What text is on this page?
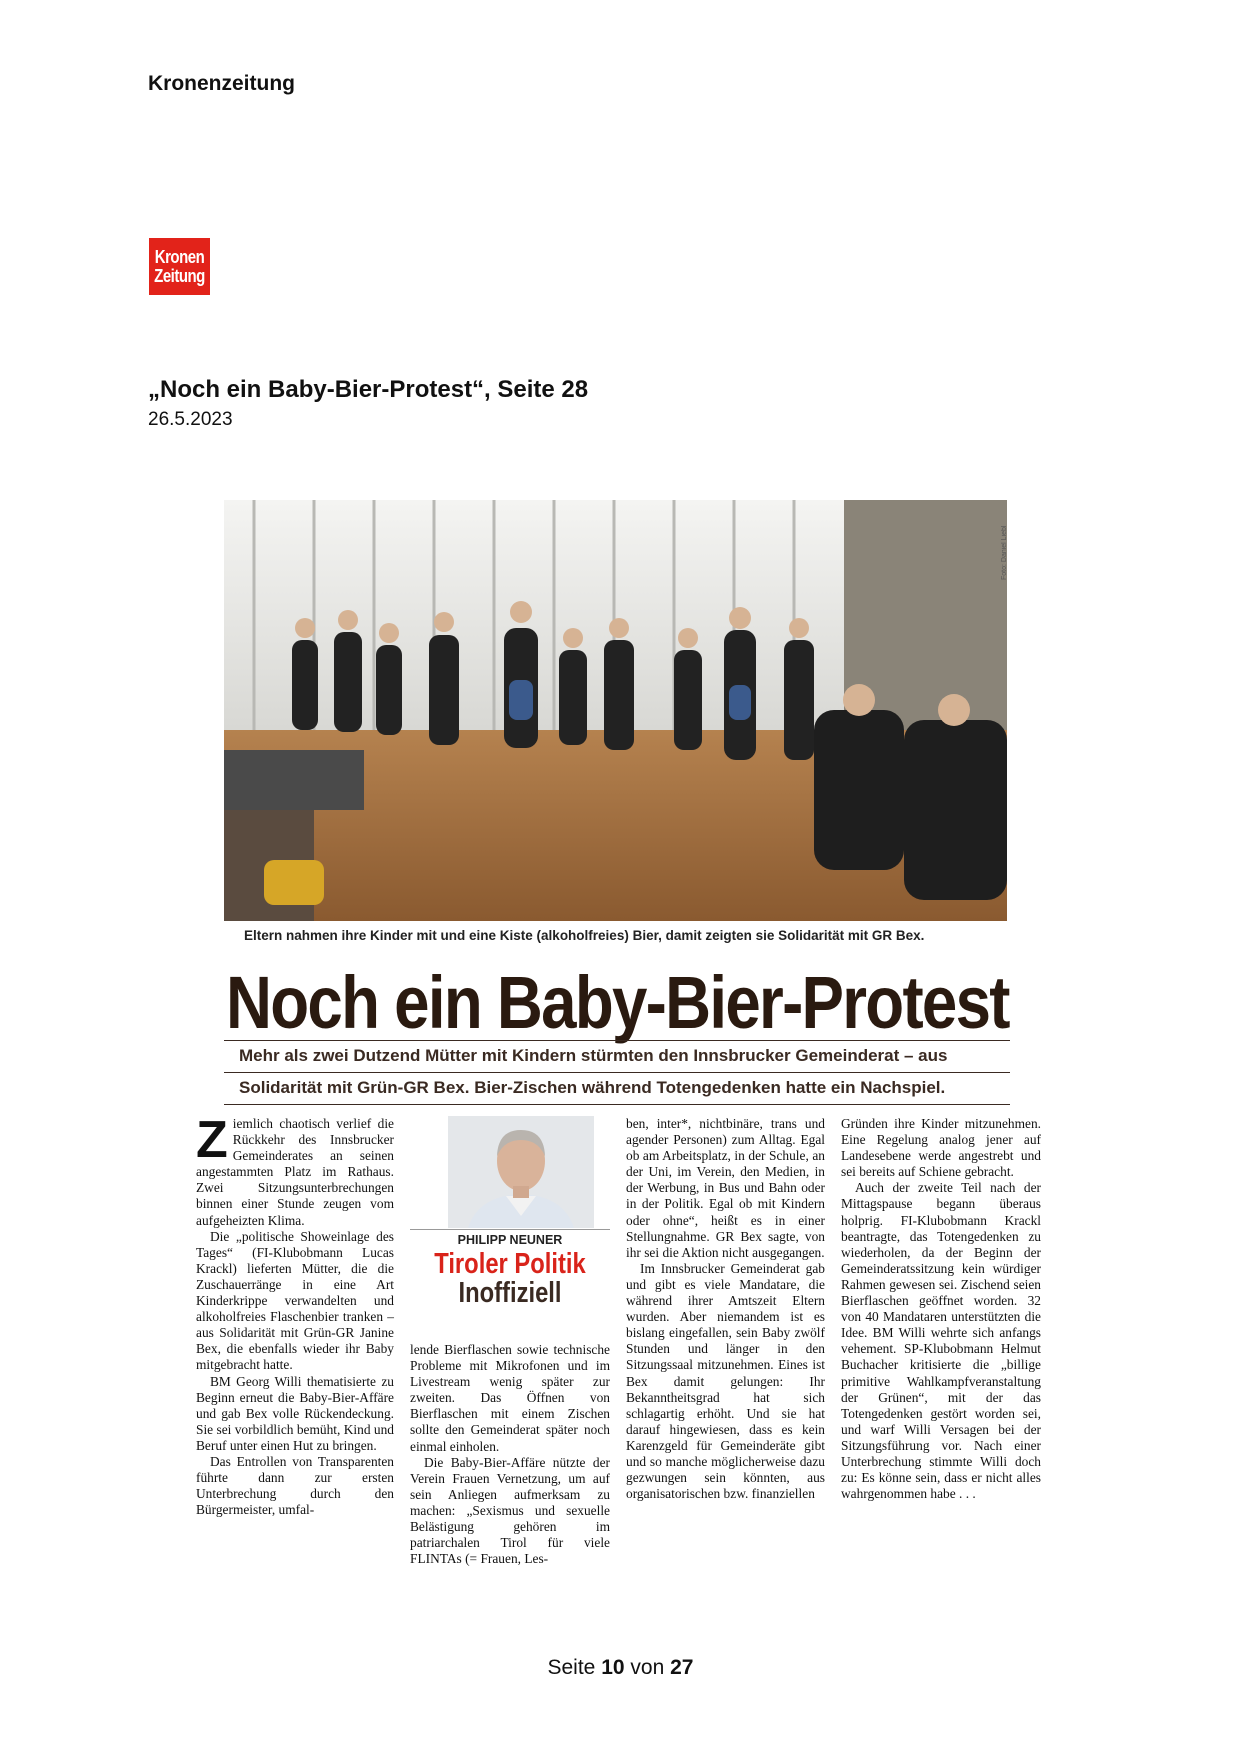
Kronenzeitung
Kronen
Zeitung
„Noch ein Baby-Bier-Protest“, Seite 28
26.5.2023
Foto: Daniel Liebl
Eltern nahmen ihre Kinder mit und eine Kiste (alkoholfreies) Bier, damit zeigten sie Solidarität mit GR Bex.
Noch ein Baby-Bier-Protest
Mehr als zwei Dutzend Mütter mit Kindern stürmten den Innsbrucker Gemeinderat – aus
Solidarität mit Grün-GR Bex. Bier-Zischen während Totengedenken hatte ein Nachspiel.

Ziemlich chaotisch verlief die Rückkehr des Innsbrucker Gemeinderates an seinen angestammten Platz im Rathaus. Zwei Sitzungsunterbrechungen binnen einer Stunde zeugen vom aufgeheizten Klima.

Die „politische Showeinlage des Tages“ (FI-Klubobmann Lucas Krackl) lieferten Mütter, die die Zuschauerränge in eine Art Kinderkrippe verwandelten und alkoholfreies Flaschenbier tranken – aus Solidarität mit Grün-GR Janine Bex, die ebenfalls wieder ihr Baby mitgebracht hatte.

BM Georg Willi thematisierte zu Beginn erneut die Baby-Bier-Affäre und gab Bex volle Rückendeckung. Sie sei vorbildlich bemüht, Kind und Beruf unter einen Hut zu bringen.

Das Entrollen von Transparenten führte dann zur ersten Unterbrechung durch den Bürgermeister, umfal-

PHILIPP NEUNER
Tiroler Politik
Inoffiziell

lende Bierflaschen sowie technische Probleme mit Mikrofonen und im Livestream wenig später zur zweiten. Das Öffnen von Bierflaschen mit einem Zischen sollte den Gemeinderat später noch einmal einholen.

Die Baby-Bier-Affäre nützte der Verein Frauen Vernetzung, um auf sein Anliegen aufmerksam zu machen: „Sexismus und sexuelle Belästigung gehören im patriarchalen Tirol für viele FLINTAs (= Frauen, Les-

ben, inter*, nichtbinäre, trans und agender Personen) zum Alltag. Egal ob am Arbeitsplatz, in der Schule, an der Uni, im Verein, den Medien, in der Werbung, in Bus und Bahn oder in der Politik. Egal ob mit Kindern oder ohne“, heißt es in einer Stellungnahme. GR Bex sagte, von ihr sei die Aktion nicht ausgegangen.

Im Innsbrucker Gemeinderat gab und gibt es viele Mandatare, die während ihrer Amtszeit Eltern wurden. Aber niemandem ist es bislang eingefallen, sein Baby zwölf Stunden und länger in den Sitzungssaal mitzunehmen. Eines ist Bex damit gelungen: Ihr Bekanntheitsgrad hat sich schlagartig erhöht. Und sie hat darauf hingewiesen, dass es kein Karenzgeld für Gemeinderäte gibt und so manche möglicherweise dazu gezwungen sein könnten, aus organisatorischen bzw. finanziellen

Gründen ihre Kinder mitzunehmen. Eine Regelung analog jener auf Landesebene werde angestrebt und sei bereits auf Schiene gebracht.

Auch der zweite Teil nach der Mittagspause begann überaus holprig. FI-Klubobmann Krackl beantragte, das Totengedenken zu wiederholen, da der Beginn der Gemeinderatssitzung kein würdiger Rahmen gewesen sei. Zischend seien Bierflaschen geöffnet worden. 32 von 40 Mandataren unterstützten die Idee. BM Willi wehrte sich anfangs vehement. SP-Klubobmann Helmut Buchacher kritisierte die „billige primitive Wahlkampfveranstaltung der Grünen“, mit der das Totengedenken gestört worden sei, und warf Willi Versagen bei der Sitzungsführung vor. Nach einer Unterbrechung stimmte Willi doch zu: Es könne sein, dass er nicht alles wahrgenommen habe . . .

Seite 10 von 27
